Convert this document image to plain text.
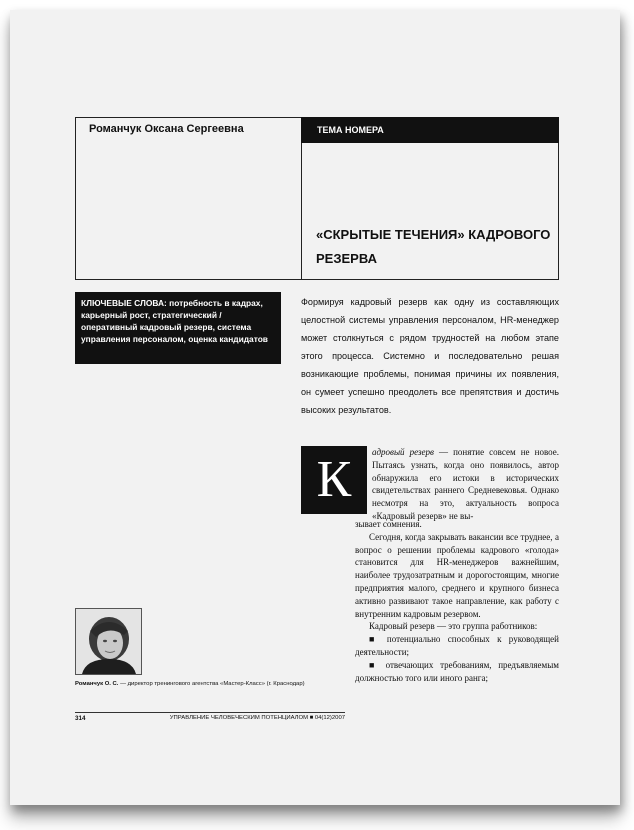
Романчук Оксана Сергеевна	ТЕМА НОМЕРА
«СКРЫТЫЕ ТЕЧЕНИЯ» КАДРОВОГО РЕЗЕРВА
КЛЮЧЕВЫЕ СЛОВА: потребность в кадрах, карьерный рост, стратегический / оперативный кадровый резерв, система управления персоналом, оценка кандидатов
Формируя кадровый резерв как одну из составляющих целостной системы управления персоналом, HR-менеджер может столкнуться с рядом трудностей на любом этапе этого процесса. Системно и последовательно решая возникающие проблемы, понимая причины их появления, он сумеет успешно преодолеть все препятствия и достичь высоких результатов.
К	адровый резерв — понятие совсем не новое. Пытаясь узнать, когда оно появилось, автор обнаружила его истоки в исторических свидетельствах раннего Средневековья. Однако несмотря на это, актуальность вопроса «Кадровый резерв» не вы-

зывает сомнения.

Сегодня, когда закрывать вакансии все труднее, а вопрос о решении проблемы кадрового «голода» становится для HR-менеджеров важнейшим, наиболее трудозатратным и дорогостоящим, многие предприятия малого, среднего и крупного бизнеса активно развивают такое направление, как работу с внутренним кадровым резервом.

Кадровый резерв — это группа работников:

■ потенциально способных к руководящей деятельности;

■ отвечающих требованиям, предъявляемым должностью того или иного ранга;

Романчук О. С. — директор тренингового агентства «Мастер-Класс» (г. Краснодар)
314	УПРАВЛЕНИЕ ЧЕЛОВЕЧЕСКИМ ПОТЕНЦИАЛОМ ■ 04(12)2007
